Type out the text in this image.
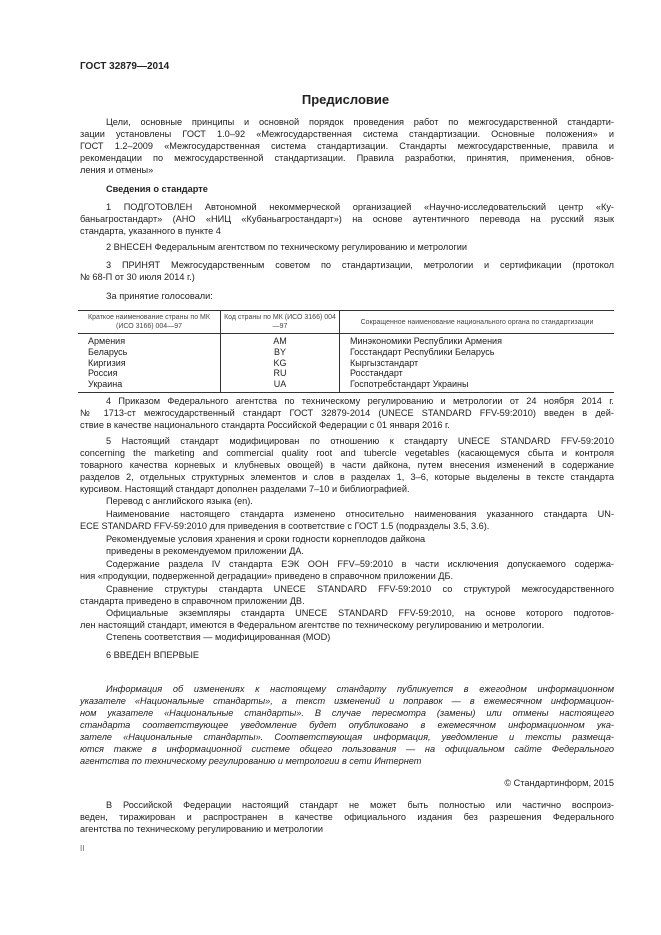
ГОСТ 32879—2014
Предисловие
Цели, основные принципы и основной порядок проведения работ по межгосударственной стандарти-
зации установлены ГОСТ 1.0–92 «Межгосударственная система стандартизации. Основные положения» и
ГОСТ 1.2–2009 «Межгосударственная система стандартизации. Стандарты межгосударственные, правила и
рекомендации по межгосударственной стандартизации. Правила разработки, принятия, применения, обнов-
ления и отмены»
Сведения о стандарте
1 ПОДГОТОВЛЕН Автономной некоммерческой организацией «Научно-исследовательский центр «Ку-
баньагростандарт» (АНО «НИЦ «Кубаньагростандарт») на основе аутентичного перевода на русский язык
стандарта, указанного в пункте 4
2 ВНЕСЕН Федеральным агентством по техническому регулированию и метрологии
3 ПРИНЯТ Межгосударственным советом по стандартизации, метрологии и сертификации (протокол
№ 68-П от 30 июля 2014 г.)
За принятие голосовали:
4 Приказом Федерального агентства по техническому регулированию и метрологии от 24 ноября 2014 г.
№ 1713-ст межгосударственный стандарт ГОСТ 32879-2014 (UNECE STANDARD FFV-59:2010) введен в дей-
ствие в качестве национального стандарта Российской Федерации с 01 января 2016 г.
5 Настоящий стандарт модифицирован по отношению к стандарту UNECE STANDARD FFV-59:2010
concerning the marketing and commercial quality root and tubercle vegetables (касающемуся сбыта и контроля
товарного качества корневых и клубневых овощей) в части дайкона, путем внесения изменений в содержание
разделов 2, отдельных структурных элементов и слов в разделах 1, 3–6, которые выделены в тексте стандарта
курсивом. Настоящий стандарт дополнен разделами 7–10 и библиографией.
Перевод с английского языка (en).
Наименование настоящего стандарта изменено относительно наименования указанного стандарта UN-
ECE STANDARD FFV-59:2010 для приведения в соответствие с ГОСТ 1.5 (подразделы 3.5, 3.6).
Рекомендуемые условия хранения и сроки годности корнеплодов дайкона
приведены в рекомендуемом приложении ДА.
Содержание раздела IV стандарта ЕЭК ООН FFV–59:2010 в части исключения допускаемого содержа-
ния «продукции, подверженной деградации» приведено в справочном приложении ДБ.
Сравнение структуры стандарта UNECE STANDARD FFV-59:2010 со структурой межгосударственного
стандарта приведено в справочном приложении ДВ.
Официальные экземпляры стандарта UNECE STANDARD FFV-59:2010, на основе которого подготов-
лен настоящий стандарт, имеются в Федеральном агентстве по техническому регулированию и метрологии.
Степень соответствия — модифицированная (MOD)
6 ВВЕДЕН ВПЕРВЫЕ
Информация об изменениях к настоящему стандарту публикуется в ежегодном информационном
указателе «Национальные стандарты», а текст изменений и поправок — в ежемесячном информацион-
ном указателе «Национальные стандарты». В случае пересмотра (замены) или отмены настоящего
стандарта соответствующее уведомление будет опубликовано в ежемесячном информационном ука-
зателе «Национальные стандарты». Соответствующая информация, уведомление и тексты размеща-
ются также в информационной системе общего пользования — на официальном сайте Федерального
агентства по техническому регулированию и метрологии в сети Интернет
© Стандартинформ, 2015
В Российской Федерации настоящий стандарт не может быть полностью или частично воспроиз-
веден, тиражирован и распространен в качестве официального издания без разрешения Федерального
агентства по техническому регулированию и метрологии
Краткое наименование страны по МК (ИСО 3166) 004—97	Код страны по МК (ИСО 3166) 004—97	Сокращенное наименование национального органа по стандартизации
Армения	AM	Минэкономики Республики Армения
Беларусь	BY	Госстандарт Республики Беларусь
Киргизия	KG	Кыргызстандарт
Россия	RU	Росстандарт
Украина	UA	Госпотребстандарт Украины
II
